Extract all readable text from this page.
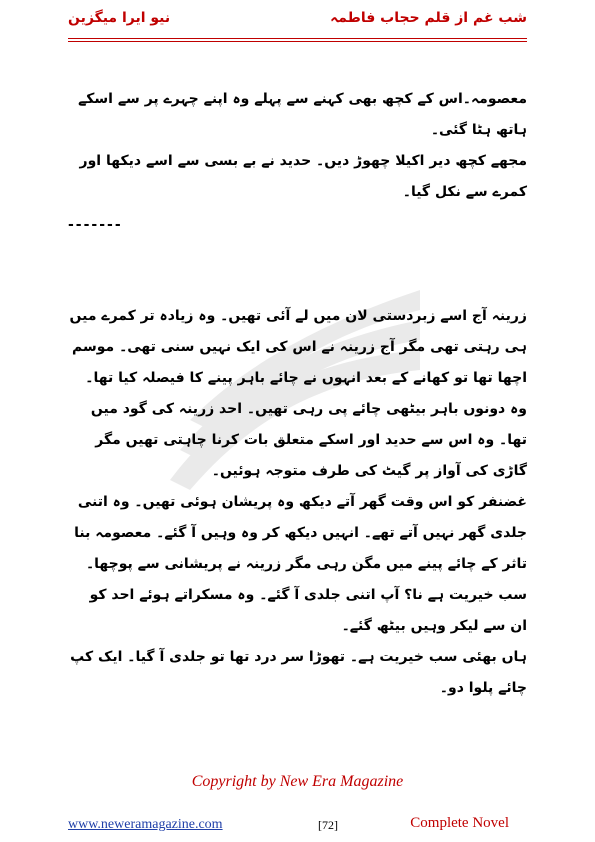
نیو ایرا میگزین	شب غم از قلم حجاب فاطمہ

معصومہ۔اس کے کچھ بھی کہنے سے پہلے وہ اپنے چہرے پر سے اسکے ہاتھ ہٹا گئی۔

مجھے کچھ دیر اکیلا چھوڑ دیں۔ حدید نے بے بسی سے اسے دیکھا اور کمرے سے نکل گیا۔

-------

زرینہ آج اسے زبردستی لان میں لے آئی تھیں۔ وہ زیادہ تر کمرے میں ہی رہتی تھی مگر آج زرینہ نے اس کی ایک نہیں سنی تھی۔ موسم اچھا تھا تو کھانے کے بعد انہوں نے چائے باہر پینے کا فیصلہ کیا تھا۔

وہ دونوں باہر بیٹھی چائے پی رہی تھیں۔ احد زرینہ کی گود میں تھا۔ وہ اس سے حدید اور اسکے متعلق بات کرنا چاہتی تھیں مگر گاڑی کی آواز پر گیٹ کی طرف متوجہ ہوئیں۔

غضنفر کو اس وقت گھر آتے دیکھ وہ پریشان ہوئی تھیں۔ وہ اتنی جلدی گھر نہیں آتے تھے۔ انہیں دیکھ کر وہ وہیں آ گئے۔ معصومہ بنا تاثر کے چائے پینے میں مگن رہی مگر زرینہ نے پریشانی سے پوچھا۔

سب خیریت ہے نا؟ آپ اتنی جلدی آ گئے۔ وہ مسکراتے ہوئے احد کو ان سے لیکر وہیں بیٹھ گئے۔

ہاں بھئی سب خیریت ہے۔ تھوڑا سر درد تھا تو جلدی آ گیا۔ ایک کپ چائے پلوا دو۔

Copyright by New Era Magazine
www.neweramagazine.com	[72]	Complete Novel
